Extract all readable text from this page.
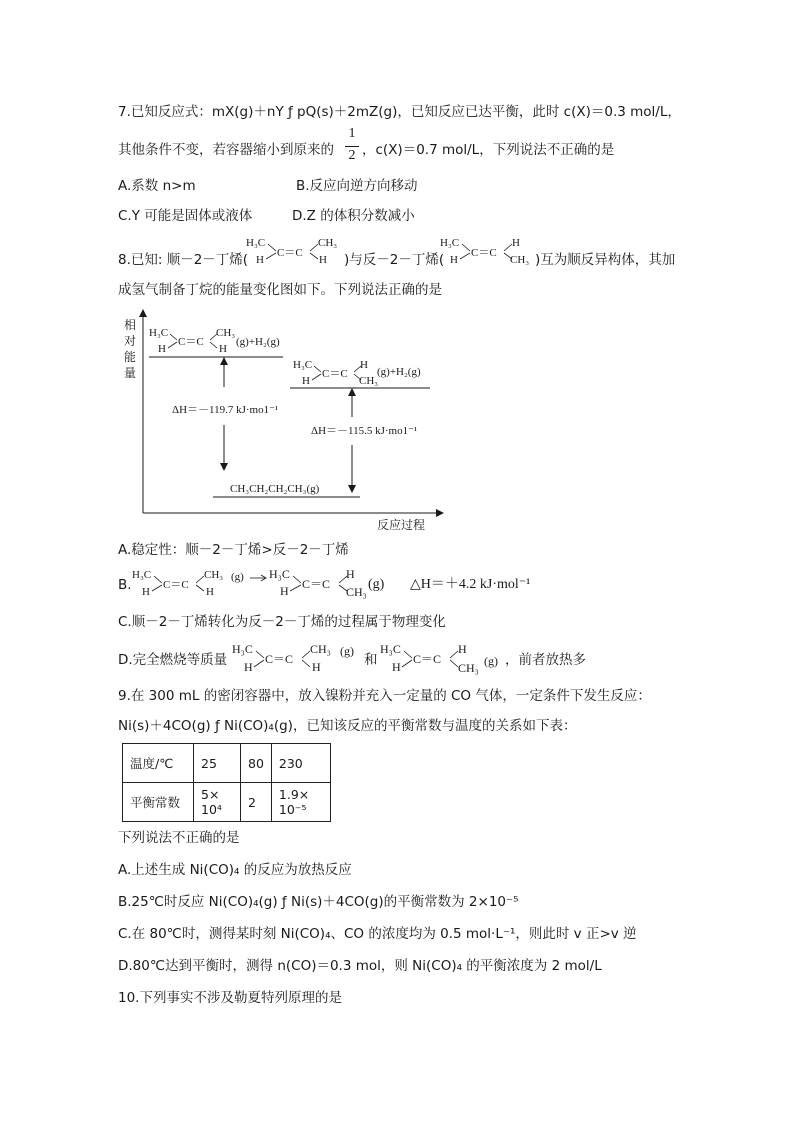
7.已知反应式：mX(g)＋nY ƒ pQ(s)＋2mZ(g)，已知反应已达平衡，此时 c(X)＝0.3 mol/L，
其他条件不变，若容器缩小到原来的
1
2 ，c(X)＝0.7 mol/L，下列说法不正确的是
A.系数 n>m	B.反应向逆方向移动
C.Y 可能是固体或液体	D.Z 的体积分数减小
8.已知: 顺－2－丁烯(
H₃C
H
C＝C
CH₃
H )与反－2－丁烯(
H₃C
H
C＝C
H
CH₃ )互为顺反异构体，其加
成氢气制备丁烷的能量变化图如下。下列说法正确的是
相
对
能
量
反应过程
H₃C
H
C＝C
CH₃
H
(g)+H₂(g)
H₃C
H
C＝C
H
CH₃
(g)+H₂(g)
ΔH＝－119.7 kJ·mo1⁻¹
ΔH＝－115.5 kJ·mo1⁻¹
CH₃CH₂CH₂CH₃(g)
A.稳定性：顺－2－丁烯>反－2－丁烯
B.
H₃C
H
C＝C
CH₃
H
(g) H₃C
H C＝C
H
CH₃ (g) △H＝＋4.2 kJ·mol⁻¹
C.顺－2－丁烯转化为反－2－丁烯的过程属于物理变化
D.完全燃烧等质量
H₃C
H
C＝C
CH₃
H
(g)
和
H₃C
H
C＝C
H
CH₃ (g) ，前者放热多
9.在 300 mL 的密闭容器中，放入镍粉并充入一定量的 CO 气体，一定条件下发生反应：
Ni(s)＋4CO(g) ƒ Ni(CO)₄(g)，已知该反应的平衡常数与温度的关系如下表：
温度/℃	25	80	230
平衡常数	5× 10⁴	2	1.9× 10⁻⁵
下列说法不正确的是
A.上述生成 Ni(CO)₄ 的反应为放热反应
B.25℃时反应 Ni(CO)₄(g) ƒ Ni(s)＋4CO(g)的平衡常数为 2×10⁻⁵
C.在 80℃时，测得某时刻 Ni(CO)₄、CO 的浓度均为 0.5 mol·L⁻¹，则此时 v 正>v 逆
D.80℃达到平衡时，测得 n(CO)＝0.3 mol，则 Ni(CO)₄ 的平衡浓度为 2 mol/L
10.下列事实不涉及勒夏特列原理的是
